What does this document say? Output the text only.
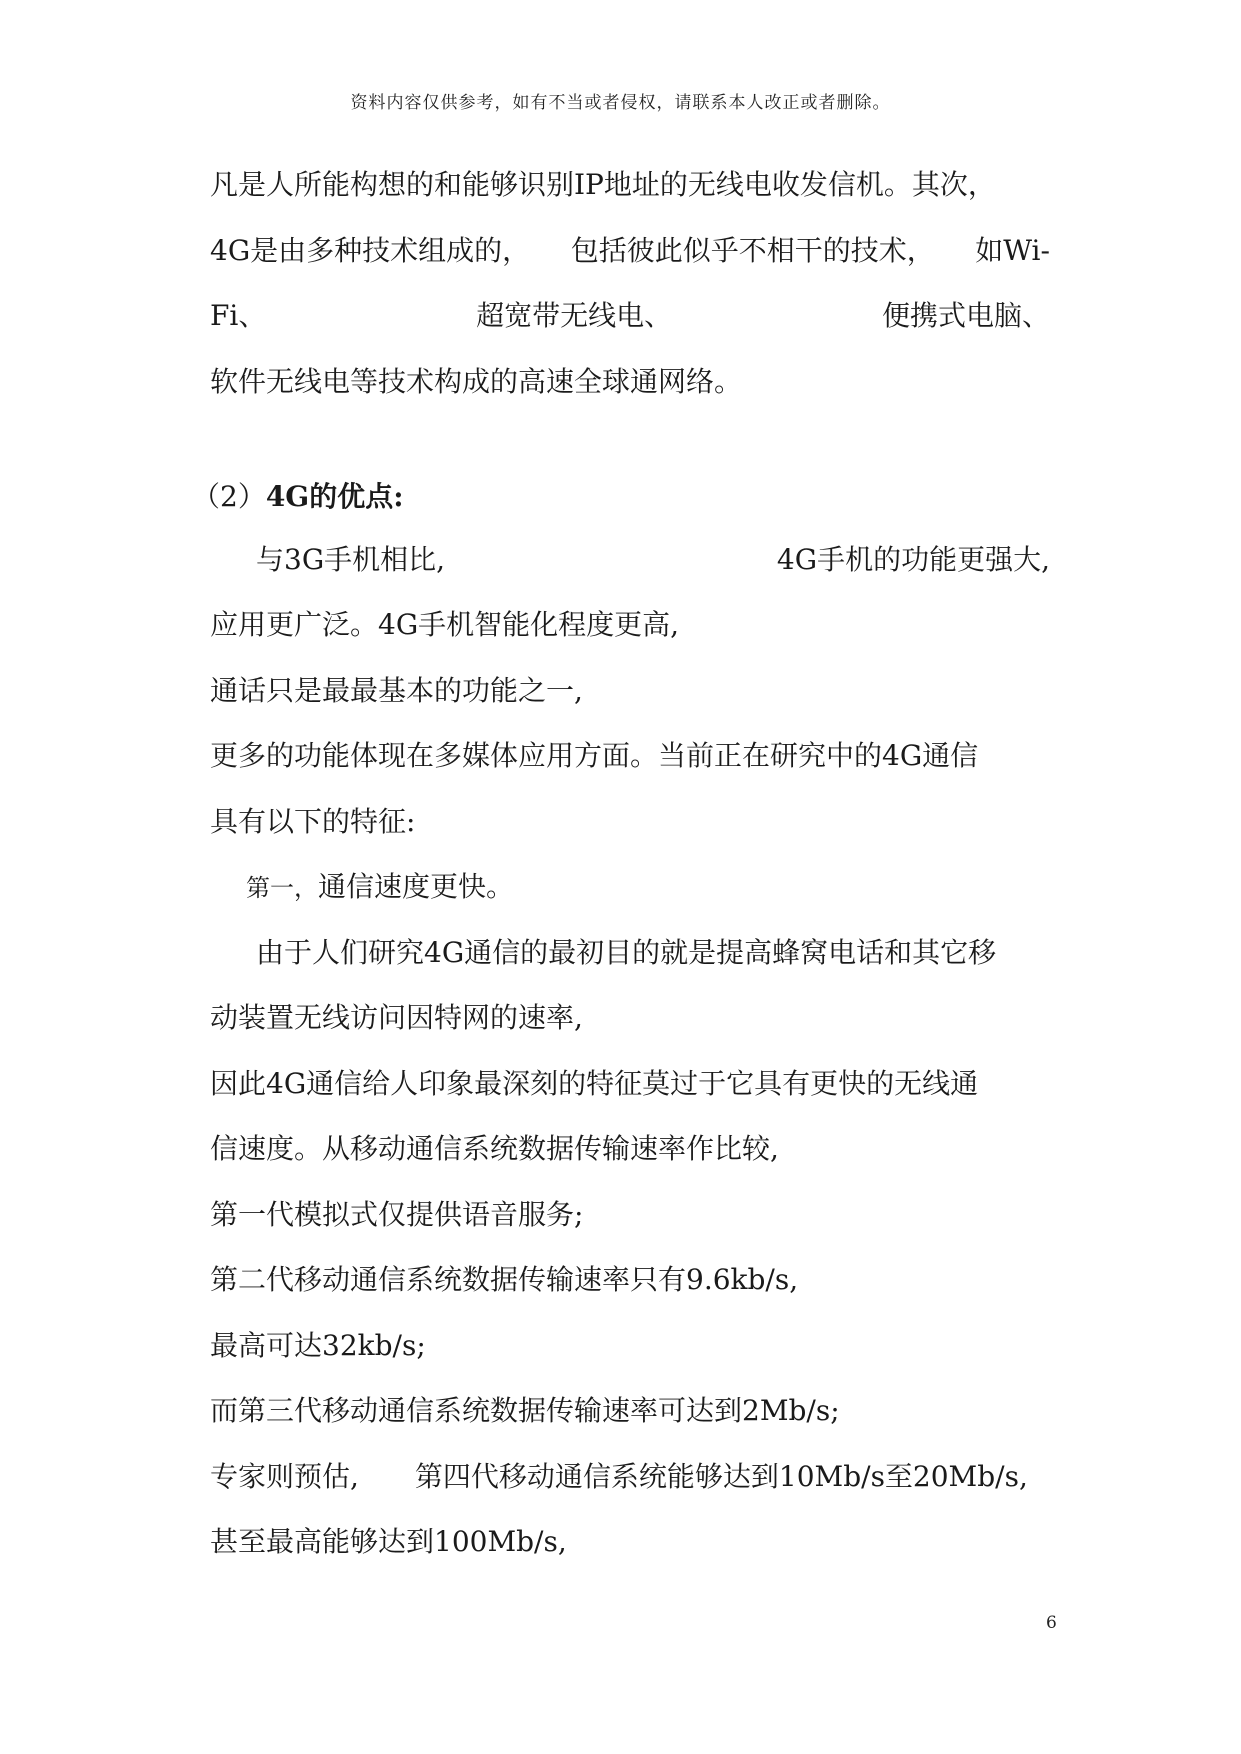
资料内容仅供参考，如有不当或者侵权，请联系本人改正或者删除。
凡是人所能构想的和能够识别IP地址的无线电收发信机。其次，
4G是由多种技术组成的， 包括彼此似乎不相干的技术， 如Wi-
Fi、	超宽带无线电、	便携式电脑、
软件无线电等技术构成的高速全球通网络。
（2）4G的优点:
与3G手机相比,	4G手机的功能更强大,
应用更广泛。4G手机智能化程度更高,
通话只是最最基本的功能之一,
更多的功能体现在多媒体应用方面。当前正在研究中的4G通信
具有以下的特征:
第一，通信速度更快。
由于人们研究4G通信的最初目的就是提高蜂窝电话和其它移
动装置无线访问因特网的速率,
因此4G通信给人印象最深刻的特征莫过于它具有更快的无线通
信速度。从移动通信系统数据传输速率作比较,
第一代模拟式仅提供语音服务;
第二代移动通信系统数据传输速率只有9.6kb/s,
最高可达32kb/s;
而第三代移动通信系统数据传输速率可达到2Mb/s;
专家则预估, 第四代移动通信系统能够达到10Mb/s至20Mb/s,
甚至最高能够达到100Mb/s,
6
